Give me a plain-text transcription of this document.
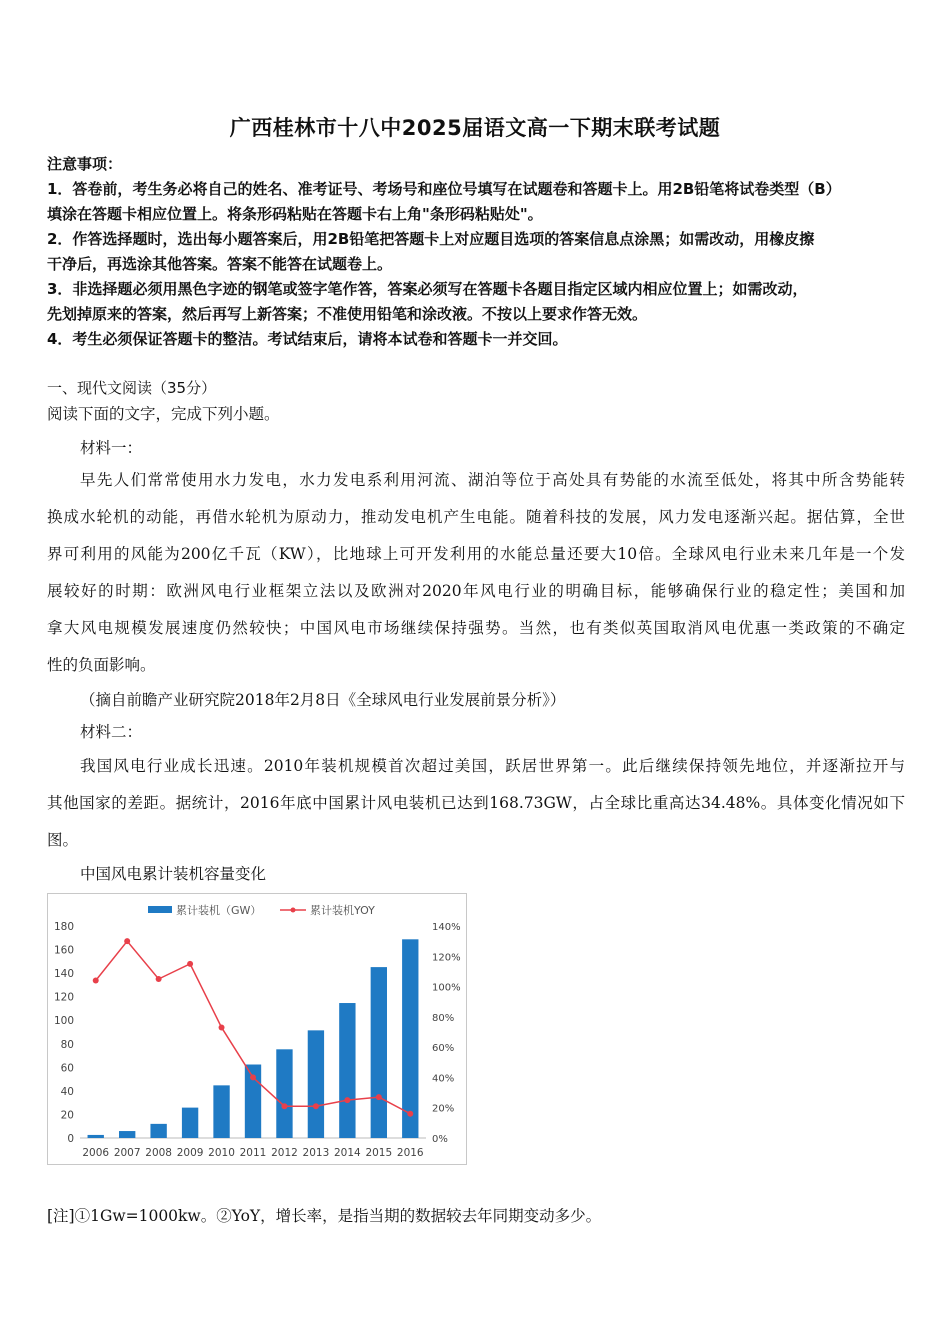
广西桂林市十八中2025届语文高一下期末联考试题
注意事项：
1．答卷前，考生务必将自己的姓名、准考证号、考场号和座位号填写在试题卷和答题卡上。用2B铅笔将试卷类型（B）
填涂在答题卡相应位置上。将条形码粘贴在答题卡右上角"条形码粘贴处"。
2．作答选择题时，选出每小题答案后，用2B铅笔把答题卡上对应题目选项的答案信息点涂黑；如需改动，用橡皮擦
干净后，再选涂其他答案。答案不能答在试题卷上。
3．非选择题必须用黑色字迹的钢笔或签字笔作答，答案必须写在答题卡各题目指定区域内相应位置上；如需改动，
先划掉原来的答案，然后再写上新答案；不准使用铅笔和涂改液。不按以上要求作答无效。
4．考生必须保证答题卡的整洁。考试结束后，请将本试卷和答题卡一并交回。
一、现代文阅读（35分）
阅读下面的文字，完成下列小题。
材料一：
早先人们常常使用水力发电，水力发电系利用河流、湖泊等位于高处具有势能的水流至低处，将其中所含势能转
换成水轮机的动能，再借水轮机为原动力，推动发电机产生电能。随着科技的发展，风力发电逐渐兴起。据估算，全世
界可利用的风能为200亿千瓦（KW），比地球上可开发利用的水能总量还要大10倍。全球风电行业未来几年是一个发
展较好的时期：欧洲风电行业框架立法以及欧洲对2020年风电行业的明确目标，能够确保行业的稳定性；美国和加
拿大风电规模发展速度仍然较快；中国风电市场继续保持强势。当然，也有类似英国取消风电优惠一类政策的不确定
性的负面影响。
（摘自前瞻产业研究院2018年2月8日《全球风电行业发展前景分析》）
材料二：
我国风电行业成长迅速。2010年装机规模首次超过美国，跃居世界第一。此后继续保持领先地位，并逐渐拉开与
其他国家的差距。据统计，2016年底中国累计风电装机已达到168.73GW，占全球比重高达34.48%。具体变化情况如下
图。
中国风电累计装机容量变化
累计装机（GW）	累计装机YOY
0
20
40
60
80
100
120
140
160
180
0%
20%
40%
60%
80%
100%
120%
140%
2006 2007 2008 2009 2010 2011 2012 2013 2014 2015 2016
[注]①1Gw=1000kw。②YoY，增长率，是指当期的数据较去年同期变动多少。
